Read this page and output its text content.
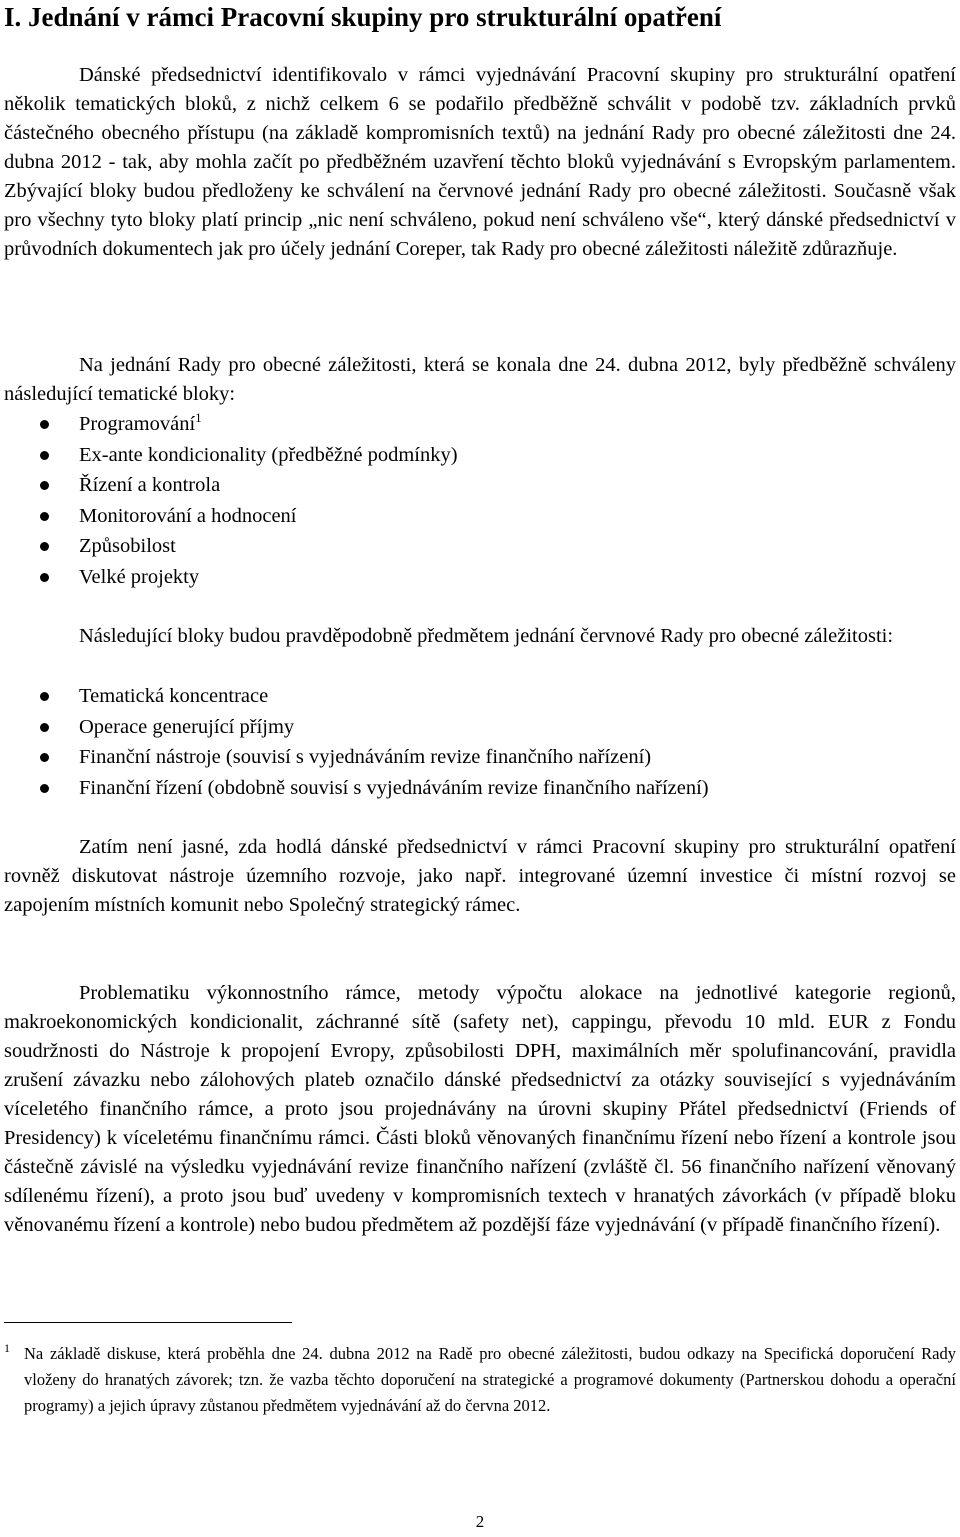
I. Jednání v rámci Pracovní skupiny pro strukturální opatření

Dánské předsednictví identifikovalo v rámci vyjednávání Pracovní skupiny pro strukturální opatření několik tematických bloků, z nichž celkem 6 se podařilo předběžně schválit v podobě tzv. základních prvků částečného obecného přístupu (na základě kompromisních textů) na jednání Rady pro obecné záležitosti dne 24. dubna 2012 - tak, aby mohla začít po předběžném uzavření těchto bloků vyjednávání s Evropským parlamentem. Zbývající bloky budou předloženy ke schválení na červnové jednání Rady pro obecné záležitosti. Současně však pro všechny tyto bloky platí princip „nic není schváleno, pokud není schváleno vše“, který dánské předsednictví v průvodních dokumentech jak pro účely jednání Coreper, tak Rady pro obecné záležitosti náležitě zdůrazňuje.

Na jednání Rady pro obecné záležitosti, která se konala dne 24. dubna 2012, byly předběžně schváleny následující tematické bloky:

Programování$^1$
Ex-ante kondicionality (předběžné podmínky)
Řízení a kontrola
Monitorování a hodnocení
Způsobilost
Velké projekty

Následující bloky budou pravděpodobně předmětem jednání červnové Rady pro obecné záležitosti:

Tematická koncentrace
Operace generující příjmy
Finanční nástroje (souvisí s vyjednáváním revize finančního nařízení)
Finanční řízení (obdobně souvisí s vyjednáváním revize finančního nařízení)

Zatím není jasné, zda hodlá dánské předsednictví v rámci Pracovní skupiny pro strukturální opatření rovněž diskutovat nástroje územního rozvoje, jako např. integrované územní investice či místní rozvoj se zapojením místních komunit nebo Společný strategický rámec.

Problematiku výkonnostního rámce, metody výpočtu alokace na jednotlivé kategorie regionů, makroekonomických kondicionalit, záchranné sítě (safety net), cappingu, převodu 10 mld. EUR z Fondu soudržnosti do Nástroje k propojení Evropy, způsobilosti DPH, maximálních měr spolufinancování, pravidla zrušení závazku nebo zálohových plateb označilo dánské předsednictví za otázky související s vyjednáváním víceletého finančního rámce, a proto jsou projednávány na úrovni skupiny Přátel předsednictví (Friends of Presidency) k víceletému finančnímu rámci. Části bloků věnovaných finančnímu řízení nebo řízení a kontrole jsou částečně závislé na výsledku vyjednávání revize finančního nařízení (zvláště čl. 56 finančního nařízení věnovaný sdílenému řízení), a proto jsou buď uvedeny v kompromisních textech v hranatých závorkách (v případě bloku věnovanému řízení a kontrole) nebo budou předmětem až pozdější fáze vyjednávání (v případě finančního řízení).

1 Na základě diskuse, která proběhla dne 24. dubna 2012 na Radě pro obecné záležitosti, budou odkazy na Specifická doporučení Rady vloženy do hranatých závorek; tzn. že vazba těchto doporučení na strategické a programové dokumenty (Partnerskou dohodu a operační programy) a jejich úpravy zůstanou předmětem vyjednávání až do června 2012.

2
